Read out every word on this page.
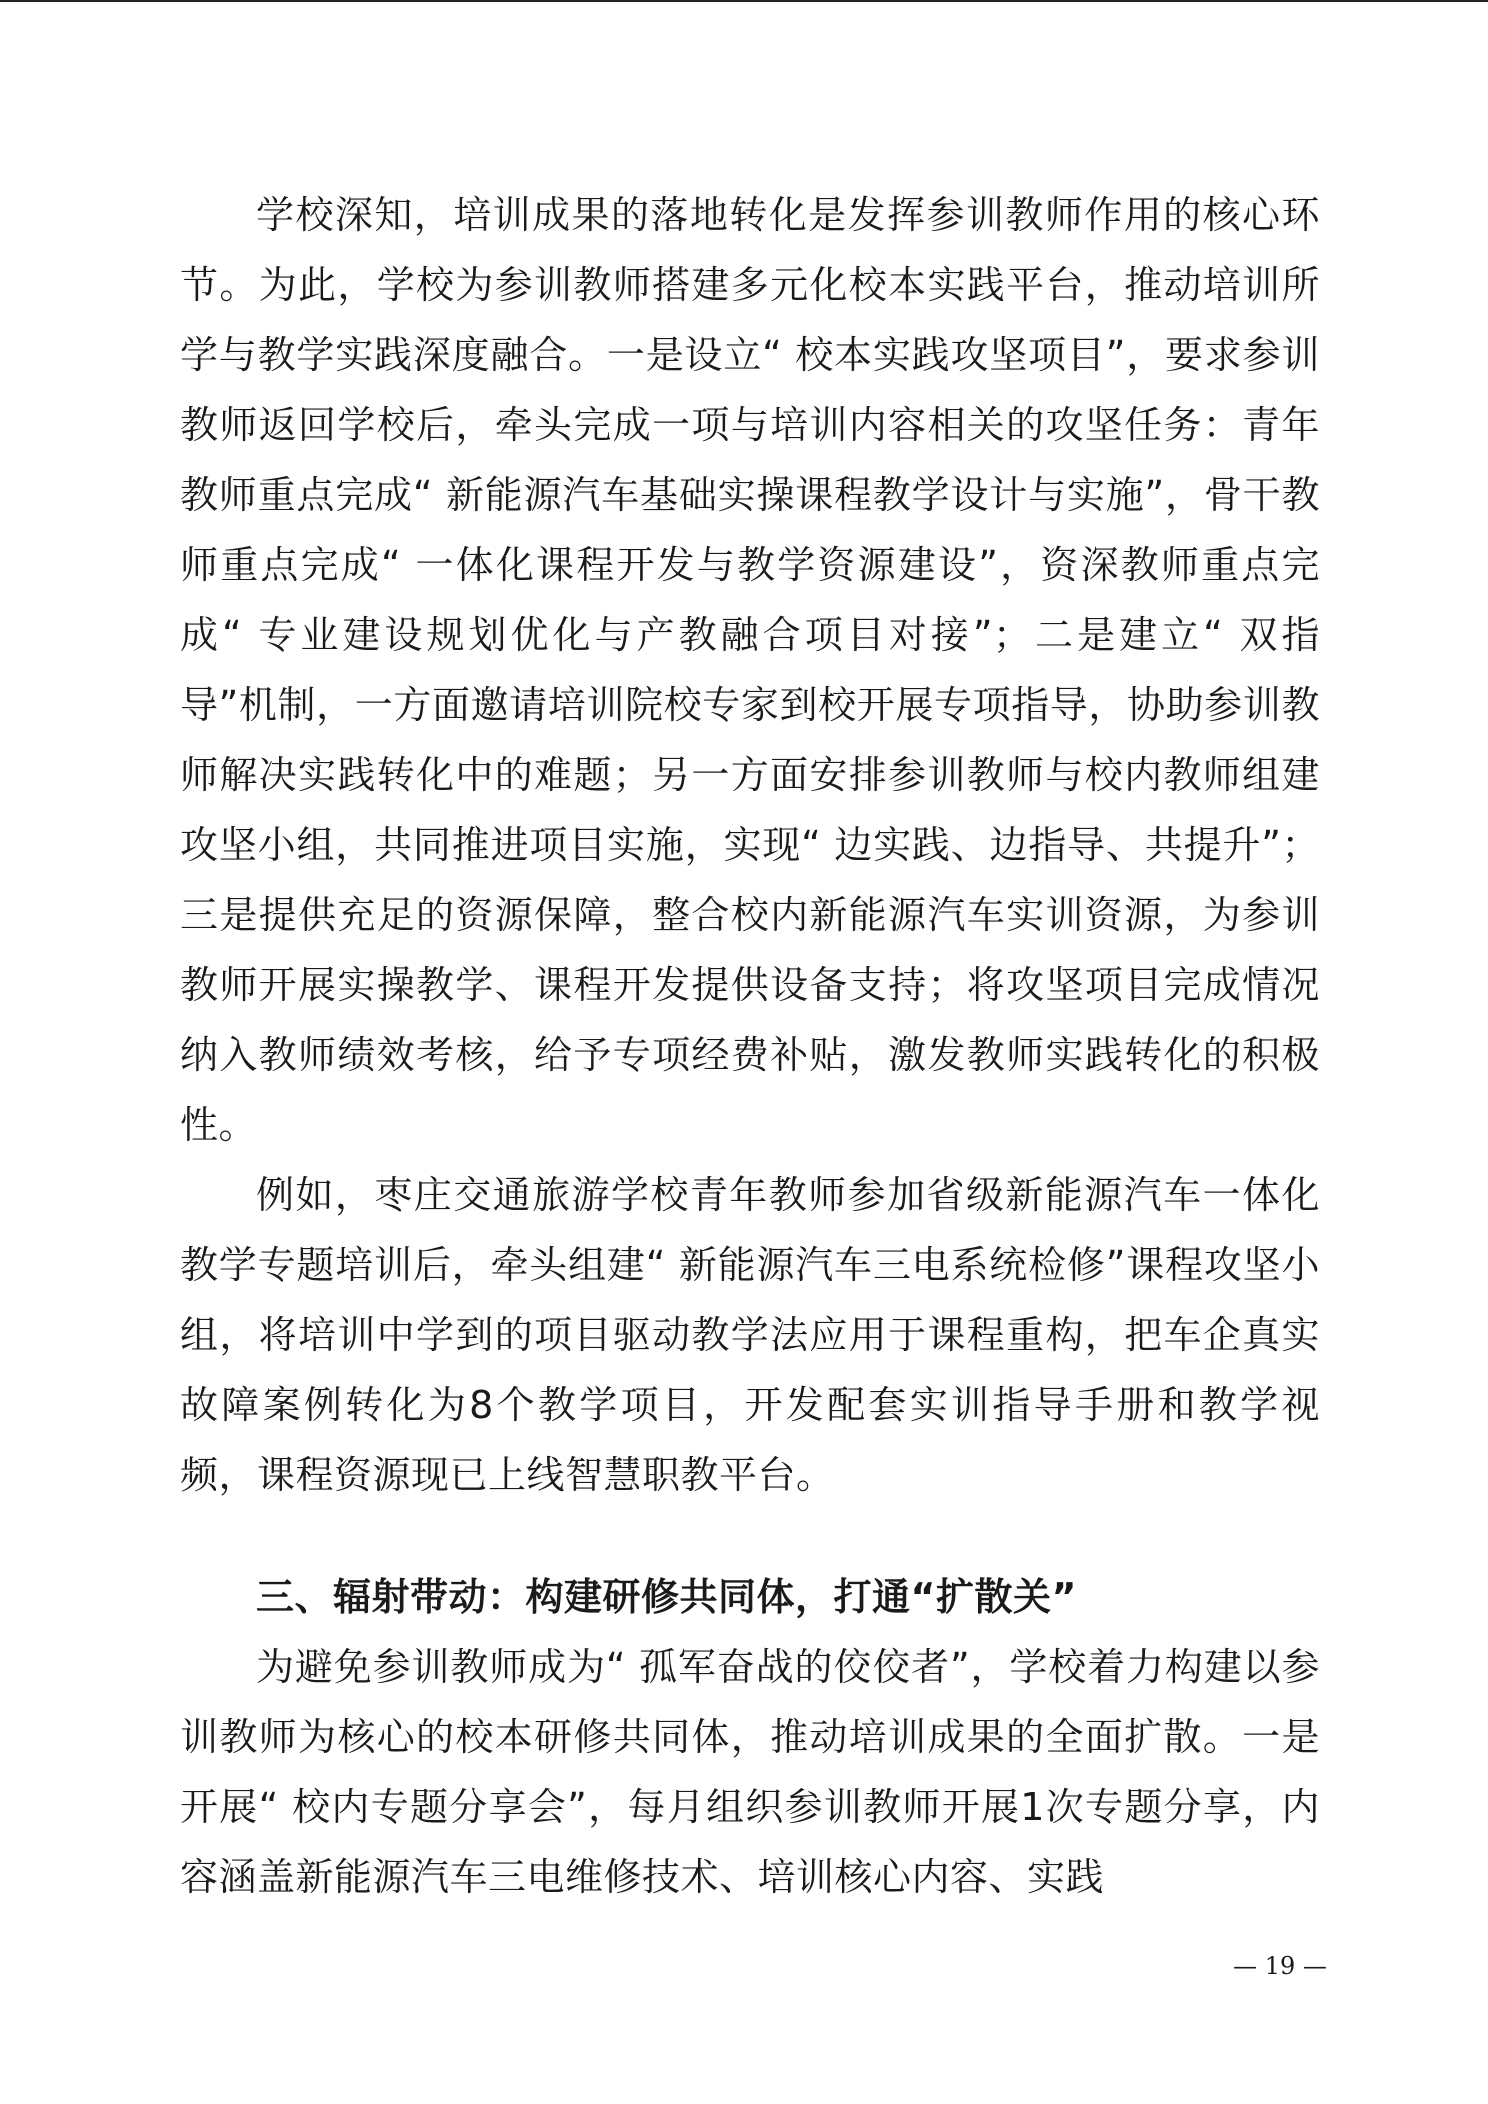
学校深知，培训成果的落地转化是发挥参训教师作用的核心环节。为此，学校为参训教师搭建多元化校本实践平台，推动培训所学与教学实践深度融合。一是设立“ 校本实践攻坚项目”，要求参训教师返回学校后，牵头完成一项与培训内容相关的攻坚任务：青年教师重点完成“ 新能源汽车基础实操课程教学设计与实施”，骨干教师重点完成“ 一体化课程开发与教学资源建设”，资深教师重点完成“ 专业建设规划优化与产教融合项目对接”；二是建立“ 双指导”机制，一方面邀请培训院校专家到校开展专项指导，协助参训教师解决实践转化中的难题；另一方面安排参训教师与校内教师组建攻坚小组，共同推进项目实施，实现“ 边实践、边指导、共提升”；三是提供充足的资源保障，整合校内新能源汽车实训资源，为参训教师开展实操教学、课程开发提供设备支持；将攻坚项目完成情况纳入教师绩效考核，给予专项经费补贴，激发教师实践转化的积极性。

例如，枣庄交通旅游学校青年教师参加省级新能源汽车一体化教学专题培训后，牵头组建“ 新能源汽车三电系统检修”课程攻坚小组，将培训中学到的项目驱动教学法应用于课程重构，把车企真实故障案例转化为8个教学项目，开发配套实训指导手册和教学视频，课程资源现已上线智慧职教平台。

三、辐射带动：构建研修共同体，打通“扩散关”

为避免参训教师成为“ 孤军奋战的佼佼者”，学校着力构建以参训教师为核心的校本研修共同体，推动培训成果的全面扩散。一是开展“ 校内专题分享会”，每月组织参训教师开展1次专题分享，内容涵盖新能源汽车三电维修技术、培训核心内容、实践

— 19 —
